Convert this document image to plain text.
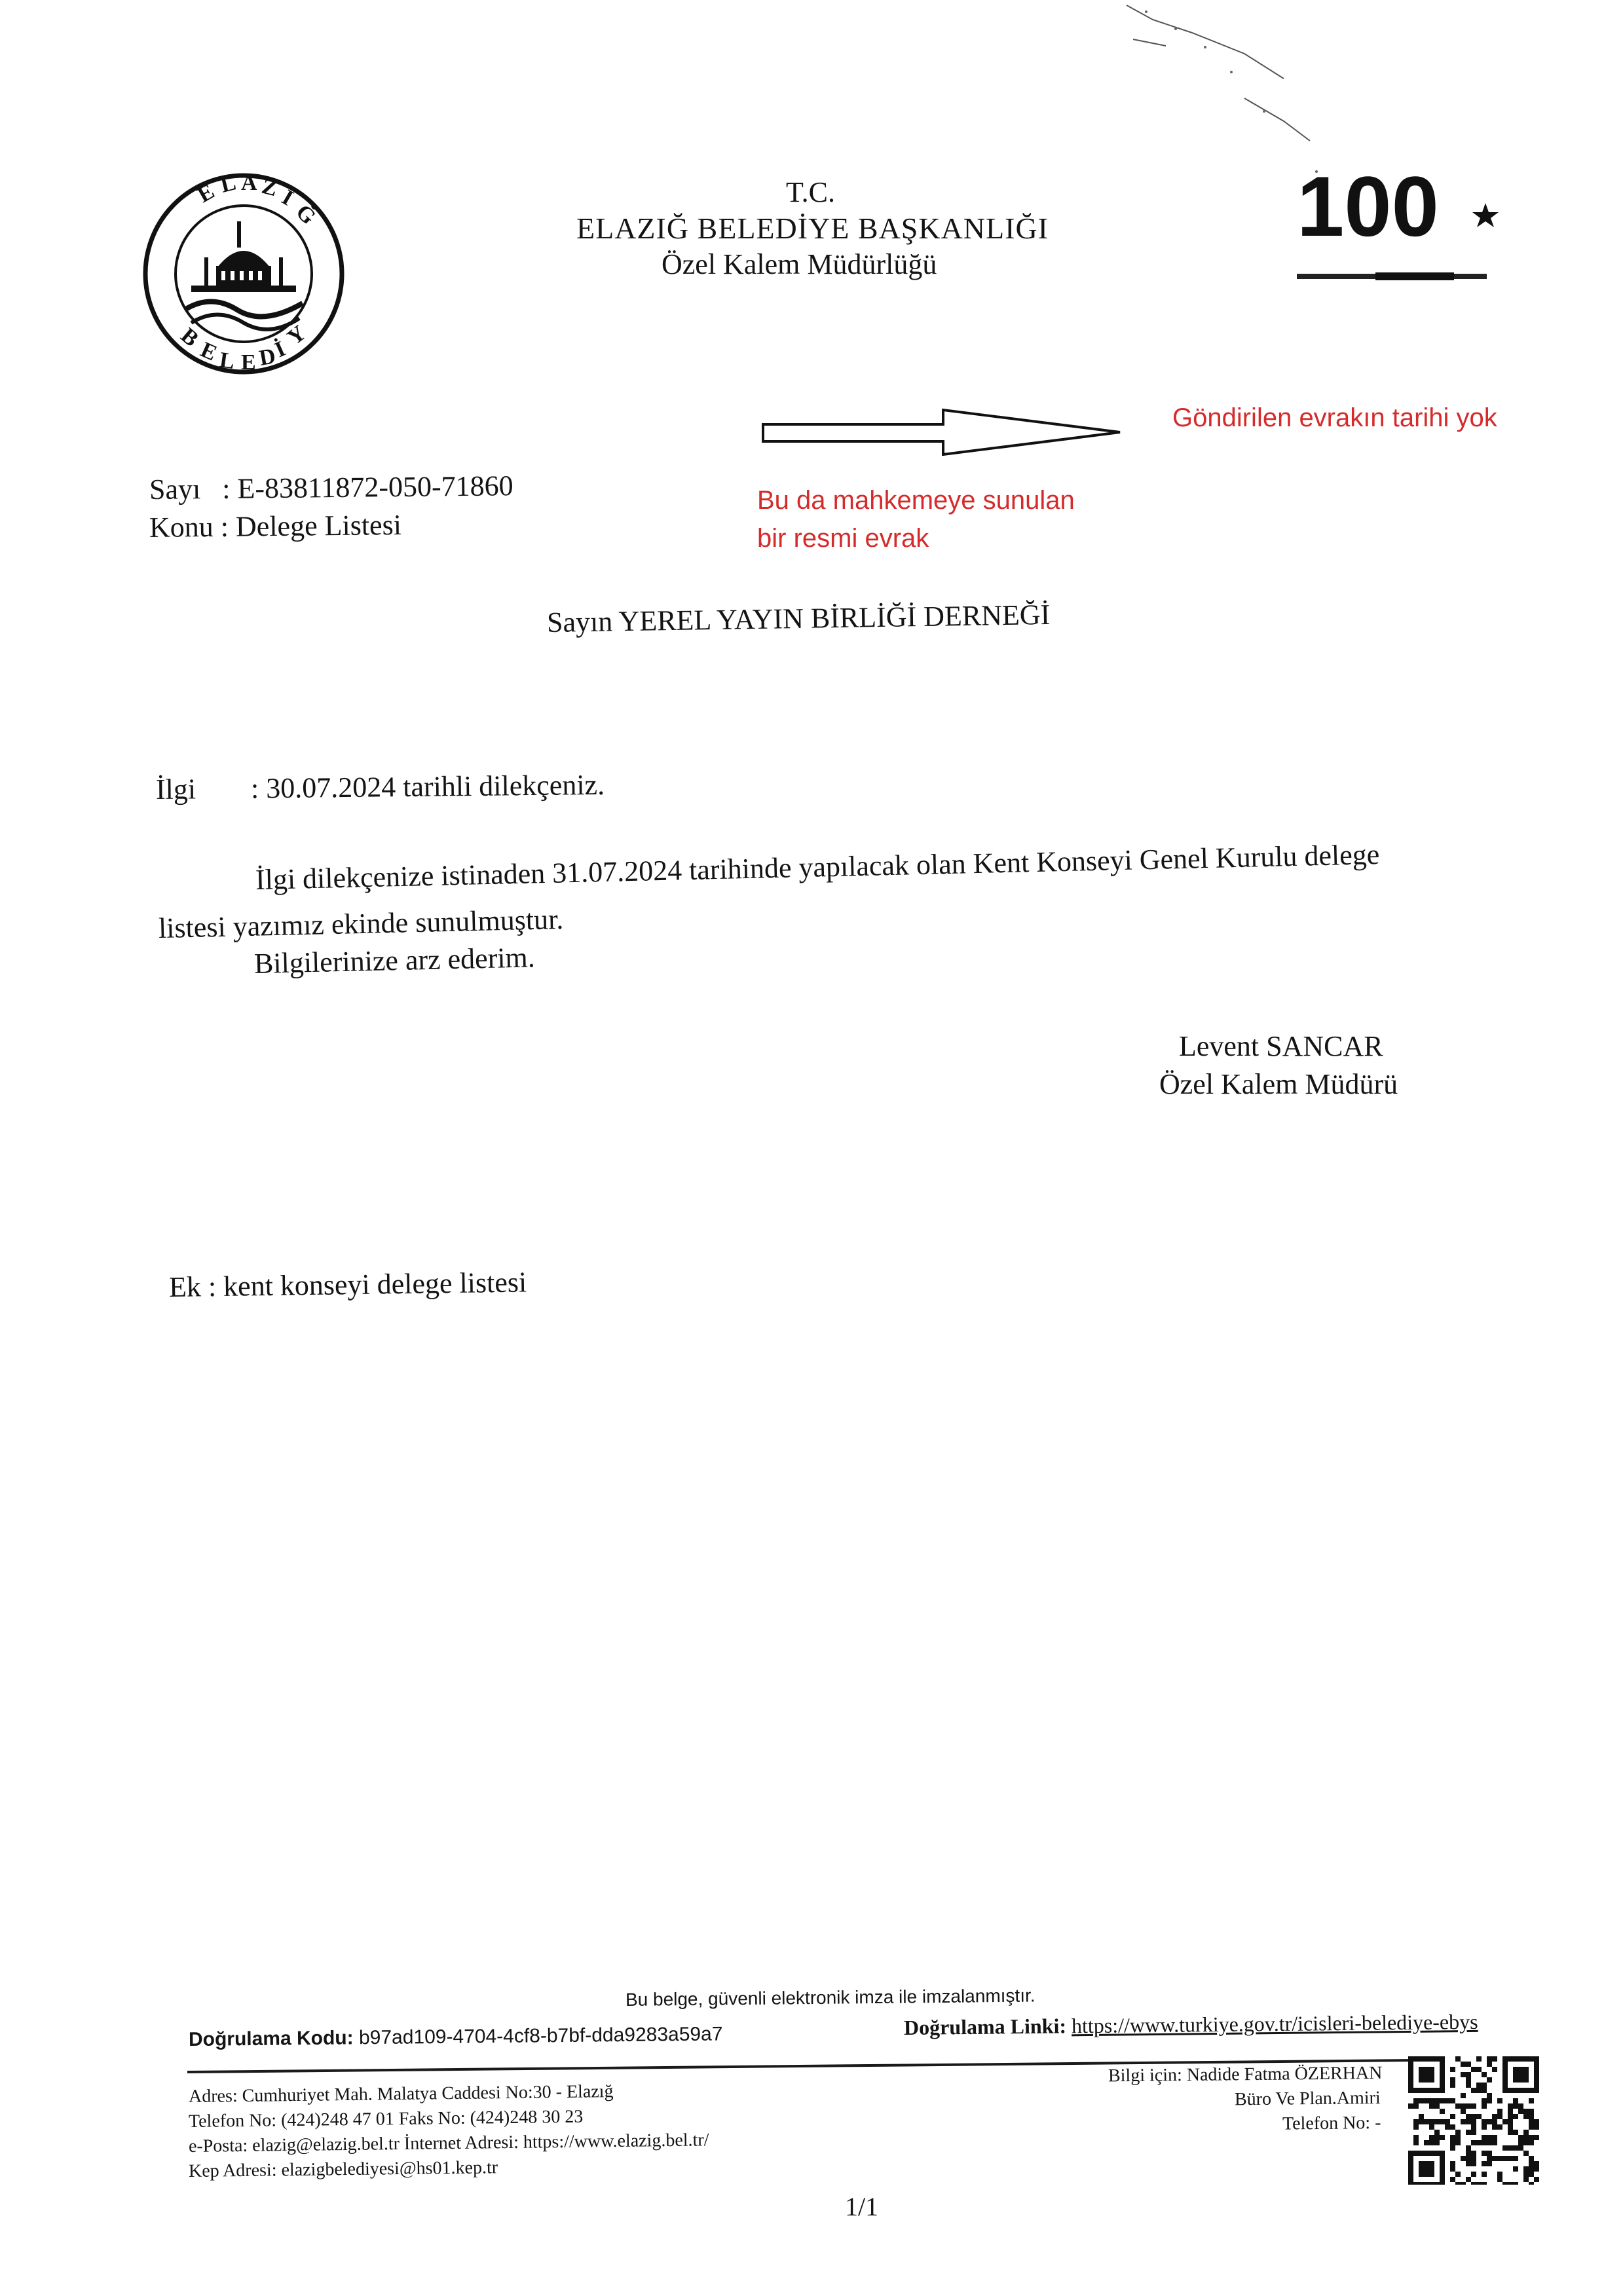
E L A Z
I
Ğ
B
E
L E D
İ
Y
T.C.
ELAZIĞ BELEDİYE BAŞKANLIĞI
Özel Kalem Müdürlüğü
100
Göndirilen evrakın tarihi yok
Bu da mahkemeye sunulan
bir resmi evrak
Sayı   : E-83811872-050-71860
Konu : Delege Listesi
Sayın YEREL YAYIN BİRLİĞİ DERNEĞİ
İlgi : 30.07.2024 tarihli dilekçeniz.
İlgi dilekçenize istinaden 31.07.2024 tarihinde yapılacak olan Kent Konseyi Genel Kurulu delege
listesi yazımız ekinde sunulmuştur.
Bilgilerinize arz ederim.
Levent SANCAR
Özel Kalem Müdürü
Ek : kent konseyi delege listesi
Bu belge, güvenli elektronik imza ile imzalanmıştır.
Doğrulama Kodu: b97ad109-4704-4cf8-b7bf-dda9283a59a7	Doğrulama Linki: https://www.turkiye.gov.tr/icisleri-belediye-ebys
Adres: Cumhuriyet Mah. Malatya Caddesi No:30 - Elazığ
Telefon No: (424)248 47 01 Faks No: (424)248 30 23
e-Posta: elazig@elazig.bel.tr İnternet Adresi: https://www.elazig.bel.tr/
Kep Adresi: elazigbelediyesi@hs01.kep.tr
Bilgi için: Nadide Fatma ÖZERHAN
Büro Ve Plan.Amiri
Telefon No: -
1/1
